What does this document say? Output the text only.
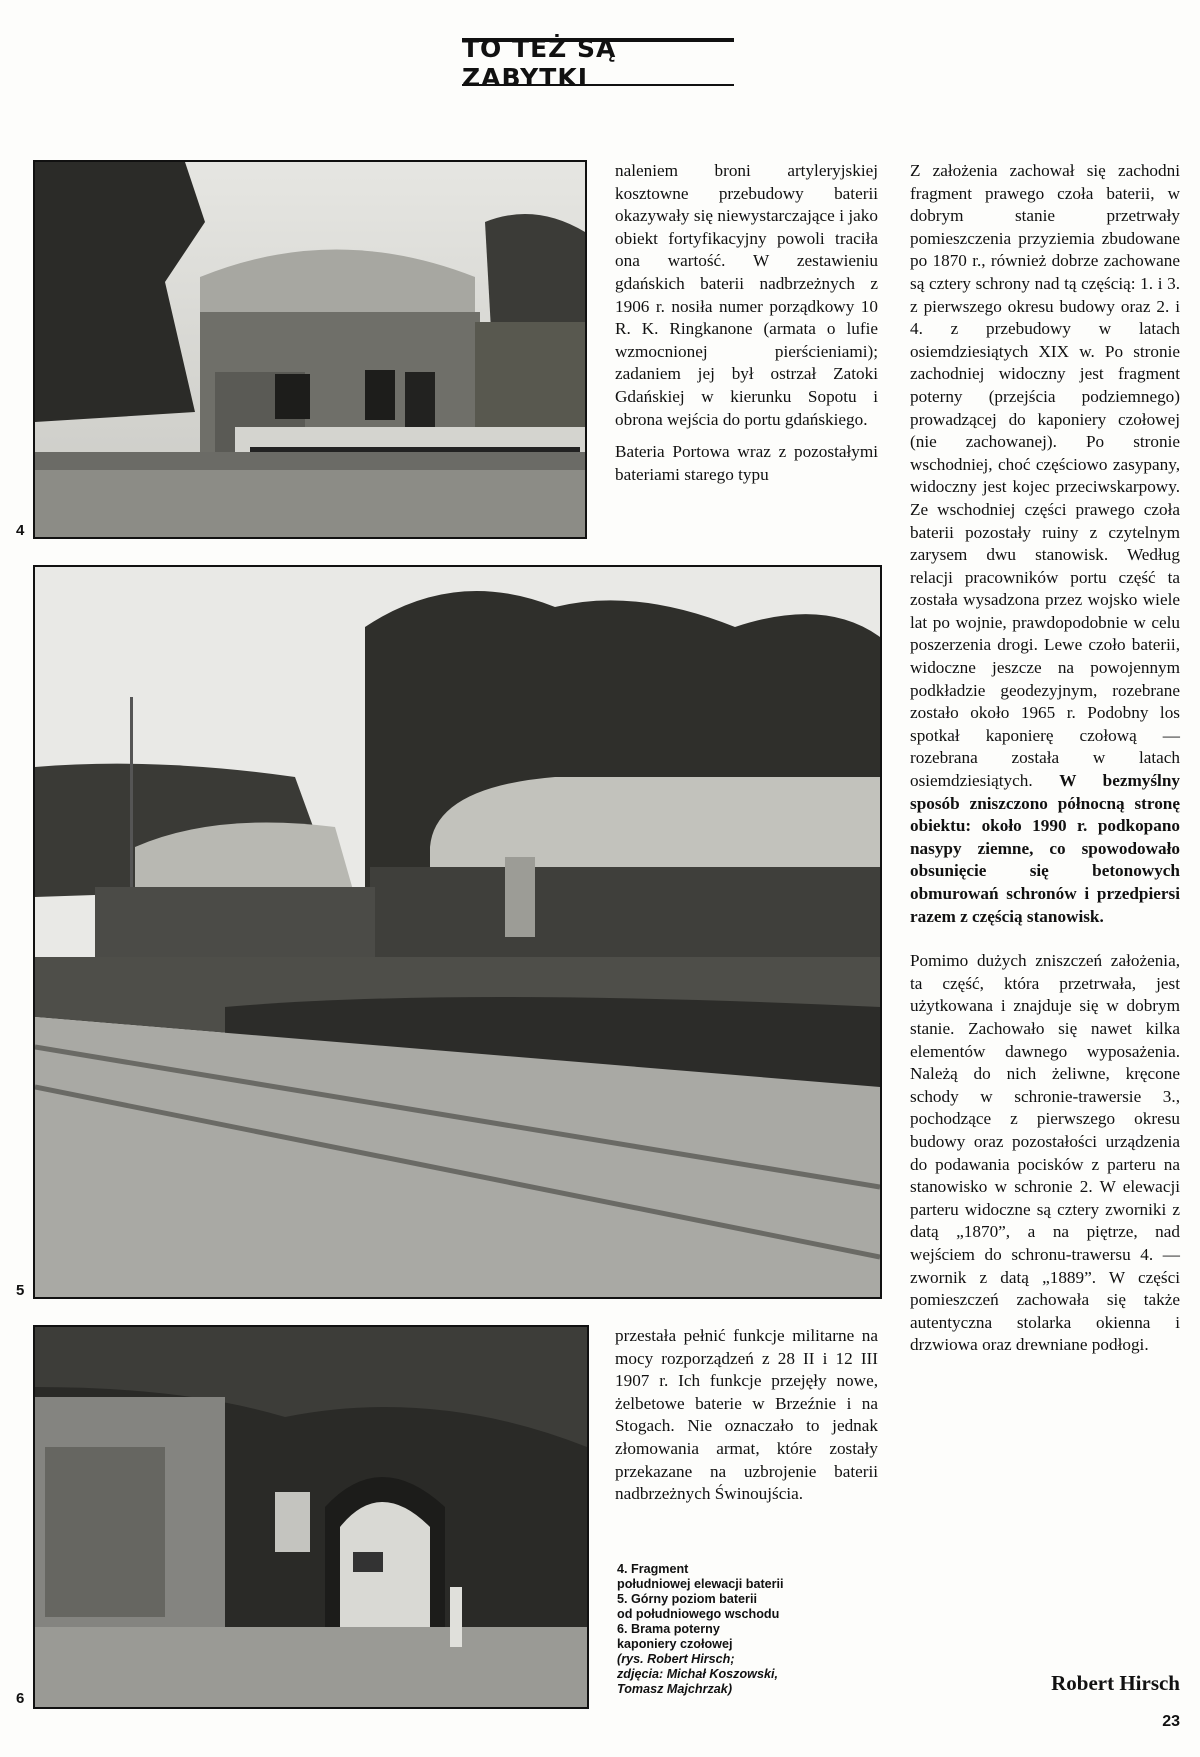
TO TEŻ SĄ ZABYTKI
4
5
6

naleniem broni artyleryjskiej kosztowne przebudowy baterii okazywały się niewystarczające i jako obiekt fortyfikacyjny powoli traciła ona wartość. W zestawieniu gdańskich baterii nadbrzeżnych z 1906 r. nosiła numer porządkowy 10 R. K. Ringkanone (armata o lufie wzmocnionej pierścieniami); zadaniem jej był ostrzał Zatoki Gdańskiej w kierunku Sopotu i obrona wejścia do portu gdańskiego.

Bateria Portowa wraz z pozostałymi bateriami starego typu

przestała pełnić funkcje militarne na mocy rozporządzeń z 28 II i 12 III 1907 r. Ich funkcje przejęły nowe, żelbetowe baterie w Brzeźnie i na Stogach. Nie oznaczało to jednak złomowania armat, które zostały przekazane na uzbrojenie baterii nadbrzeżnych Świnoujścia.

4. Fragment
południowej elewacji baterii
5. Górny poziom baterii
od południowego wschodu
6. Brama poterny
kaponiery czołowej
(rys. Robert Hirsch;
zdjęcia: Michał Koszowski,
Tomasz Majchrzak)

Z założenia zachował się zachodni fragment prawego czoła baterii, w dobrym stanie przetrwały pomieszczenia przyziemia zbudowane po 1870 r., również dobrze zachowane są cztery schrony nad tą częścią: 1. i 3. z pierwszego okresu budowy oraz 2. i 4. z przebudowy w latach osiemdziesiątych XIX w. Po stronie zachodniej widoczny jest fragment poterny (przejścia podziemnego) prowadzącej do kaponiery czołowej (nie zachowanej). Po stronie wschodniej, choć częściowo zasypany, widoczny jest kojec przeciwskarpowy. Ze wschodniej części prawego czoła baterii pozostały ruiny z czytelnym zarysem dwu stanowisk. Według relacji pracowników portu część ta została wysadzona przez wojsko wiele lat po wojnie, prawdopodobnie w celu poszerzenia drogi. Lewe czoło baterii, widoczne jeszcze na powojennym podkładzie geodezyjnym, rozebrane zostało około 1965 r. Podobny los spotkał kaponierę czołową — rozebrana została w latach osiemdziesiątych. W bezmyślny sposób zniszczono północną stronę obiektu: około 1990 r. podkopano nasypy ziemne, co spowodowało obsunięcie się betonowych obmurowań schronów i przedpiersi razem z częścią stanowisk.

Pomimo dużych zniszczeń założenia, ta część, która przetrwała, jest użytkowana i znajduje się w dobrym stanie. Zachowało się nawet kilka elementów dawnego wyposażenia. Należą do nich żeliwne, kręcone schody w schronie-trawersie 3., pochodzące z pierwszego okresu budowy oraz pozostałości urządzenia do podawania pocisków z parteru na stanowisko w schronie 2. W elewacji parteru widoczne są cztery zworniki z datą „1870”, a na piętrze, nad wejściem do schronu-trawersu 4. — zwornik z datą „1889”. W części pomieszczeń zachowała się także autentyczna stolarka okienna i drzwiowa oraz drewniane podłogi.

Robert Hirsch
23
